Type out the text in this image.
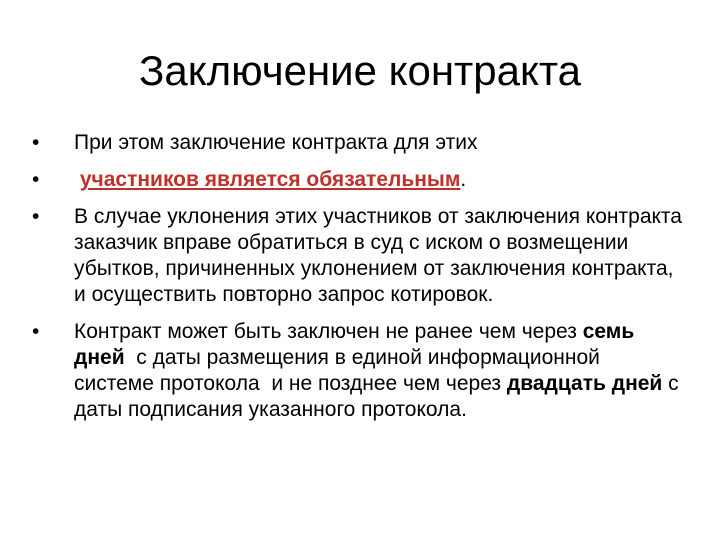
Заключение контракта
•	При этом заключение контракта для этих
•	участников является обязательным.
•	В случае уклонения этих участников от заключения контракта заказчик вправе обратиться в суд с иском о возмещении убытков, причиненных уклонением от заключения контракта, и осуществить повторно запрос котировок.
•	Контракт может быть заключен не ранее чем через семь дней  с даты размещения в единой информационной системе протокола  и не позднее чем через двадцать дней с даты подписания указанного протокола.
